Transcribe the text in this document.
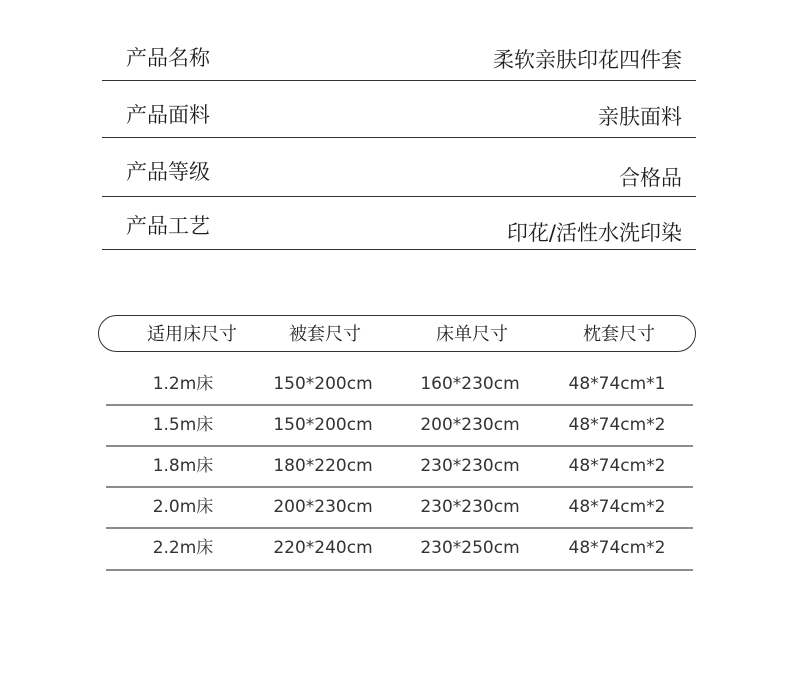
产品名称	柔软亲肤印花四件套
产品面料	亲肤面料
产品等级	合格品
产品工艺	印花/活性水洗印染
适用床尺寸	被套尺寸	床单尺寸	枕套尺寸
1.2m床	150*200cm	160*230cm	48*74cm*1
1.5m床	150*200cm	200*230cm	48*74cm*2
1.8m床	180*220cm	230*230cm	48*74cm*2
2.0m床	200*230cm	230*230cm	48*74cm*2
2.2m床	220*240cm	230*250cm	48*74cm*2
